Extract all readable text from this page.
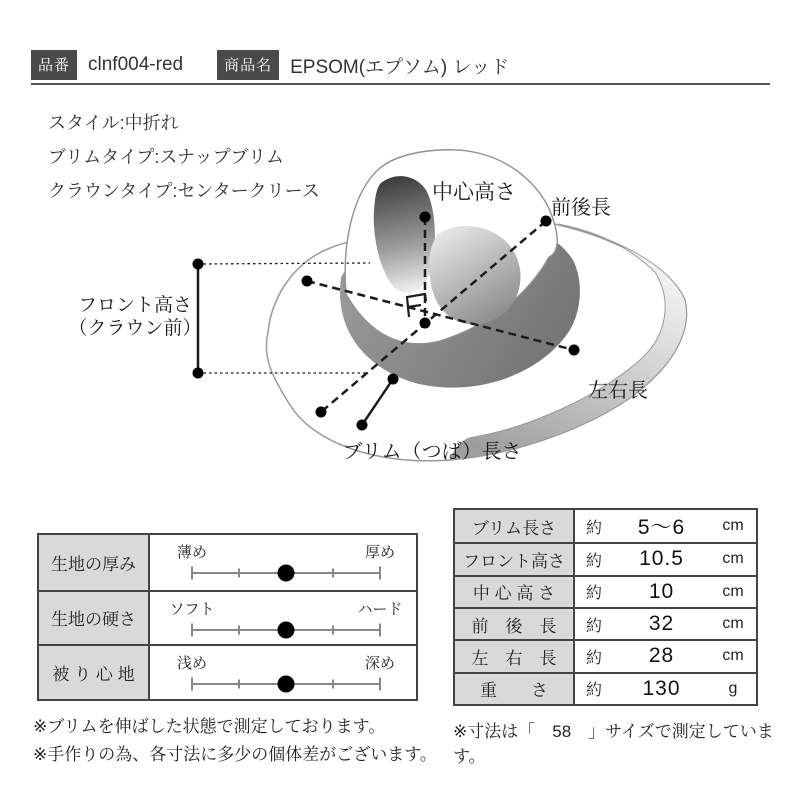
品番 clnf004-red	商品名 EPSOM(エプソム) レッド
スタイル:中折れ
ブリムタイプ:スナップブリム
クラウンタイプ:センタークリース	中心高さ
前後長
フロント高さ
（クラウン前）
左右長
ブリム（つば）長さ
生地の厚み
薄め	厚め
生地の硬さ
ソフト	ハード
被 り 心 地
浅め	深め
ブリム長さ	約	5〜6	cm
フロント高さ	約	10.5	cm
中 心 高 さ	約	10	cm
前　後　長	約	32	cm
左　右　長	約	28	cm
重　　さ	約	130	g
※ブリムを伸ばした状態で測定しております。
※手作りの為、各寸法に多少の個体差がございます。
※寸法は「　58　」サイズで測定しています。
